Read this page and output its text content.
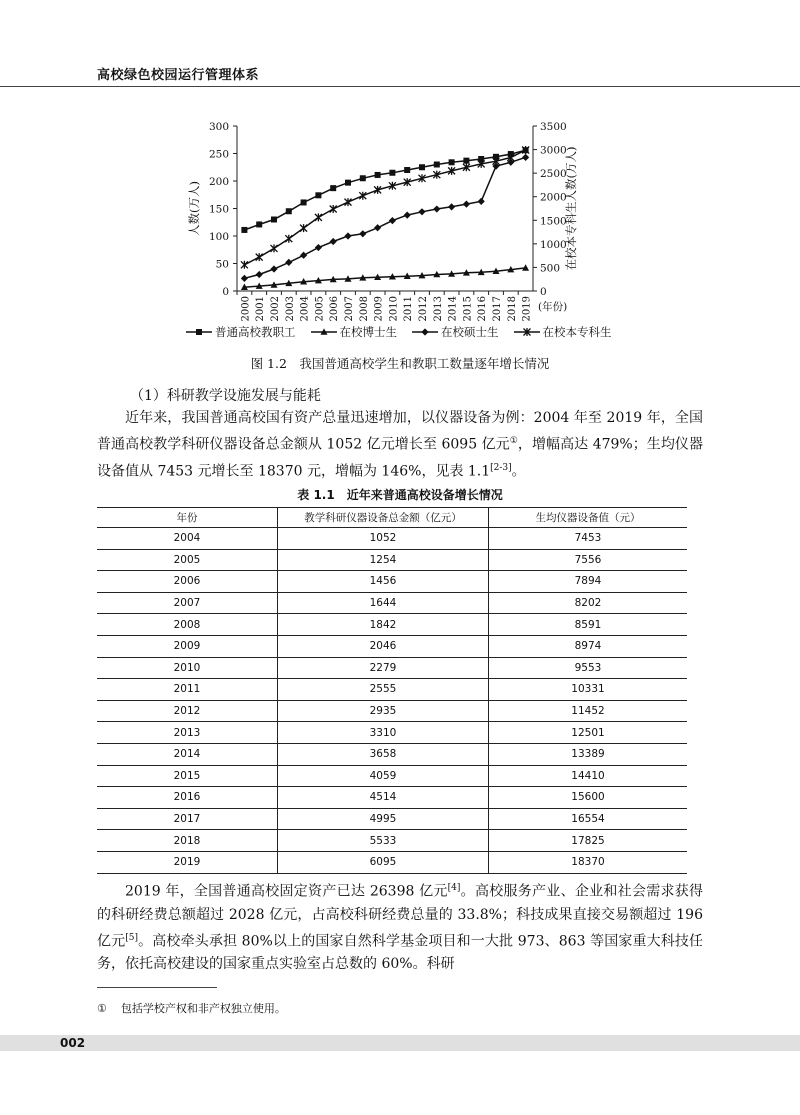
高校绿色校园运行管理体系
0
50
100
150
200
250
300
0
500
1000
1500
2000
2500
3000
3500
2000 2001 2002 2003 2004 2005 2006 2007 2008 2009 2010 2011 2012 2013 2014 2015 2016 2017 2018 2019 (年份)
人数(万人)	在校本专科生人数(万人)
普通高校教职工	在校博士生	在校硕士生	在校本专科生
图 1.2　我国普通高校学生和教职工数量逐年增长情况
（1）科研教学设施发展与能耗
近年来，我国普通高校国有资产总量迅速增加，以仪器设备为例：2004 年至 2019 年，全国普通高校教学科研仪器设备总金额从 1052 亿元增长至 6095 亿元①，增幅高达 479%；生均仪器设备值从 7453 元增长至 18370 元，增幅为 146%，见表 1.1[2-3]。
表 1.1　近年来普通高校设备增长情况
年份	教学科研仪器设备总金额（亿元）	生均仪器设备值（元）
2004	1052	7453
2005	1254	7556
2006	1456	7894
2007	1644	8202
2008	1842	8591
2009	2046	8974
2010	2279	9553
2011	2555	10331
2012	2935	11452
2013	3310	12501
2014	3658	13389
2015	4059	14410
2016	4514	15600
2017	4995	16554
2018	5533	17825
2019	6095	18370
2019 年，全国普通高校固定资产已达 26398 亿元[4]。高校服务产业、企业和社会需求获得的科研经费总额超过 2028 亿元，占高校科研经费总量的 33.8%；科技成果直接交易额超过 196 亿元[5]。高校牵头承担 80%以上的国家自然科学基金项目和一大批 973、863 等国家重大科技任务，依托高校建设的国家重点实验室占总数的 60%。科研
① 包括学校产权和非产权独立使用。
002
